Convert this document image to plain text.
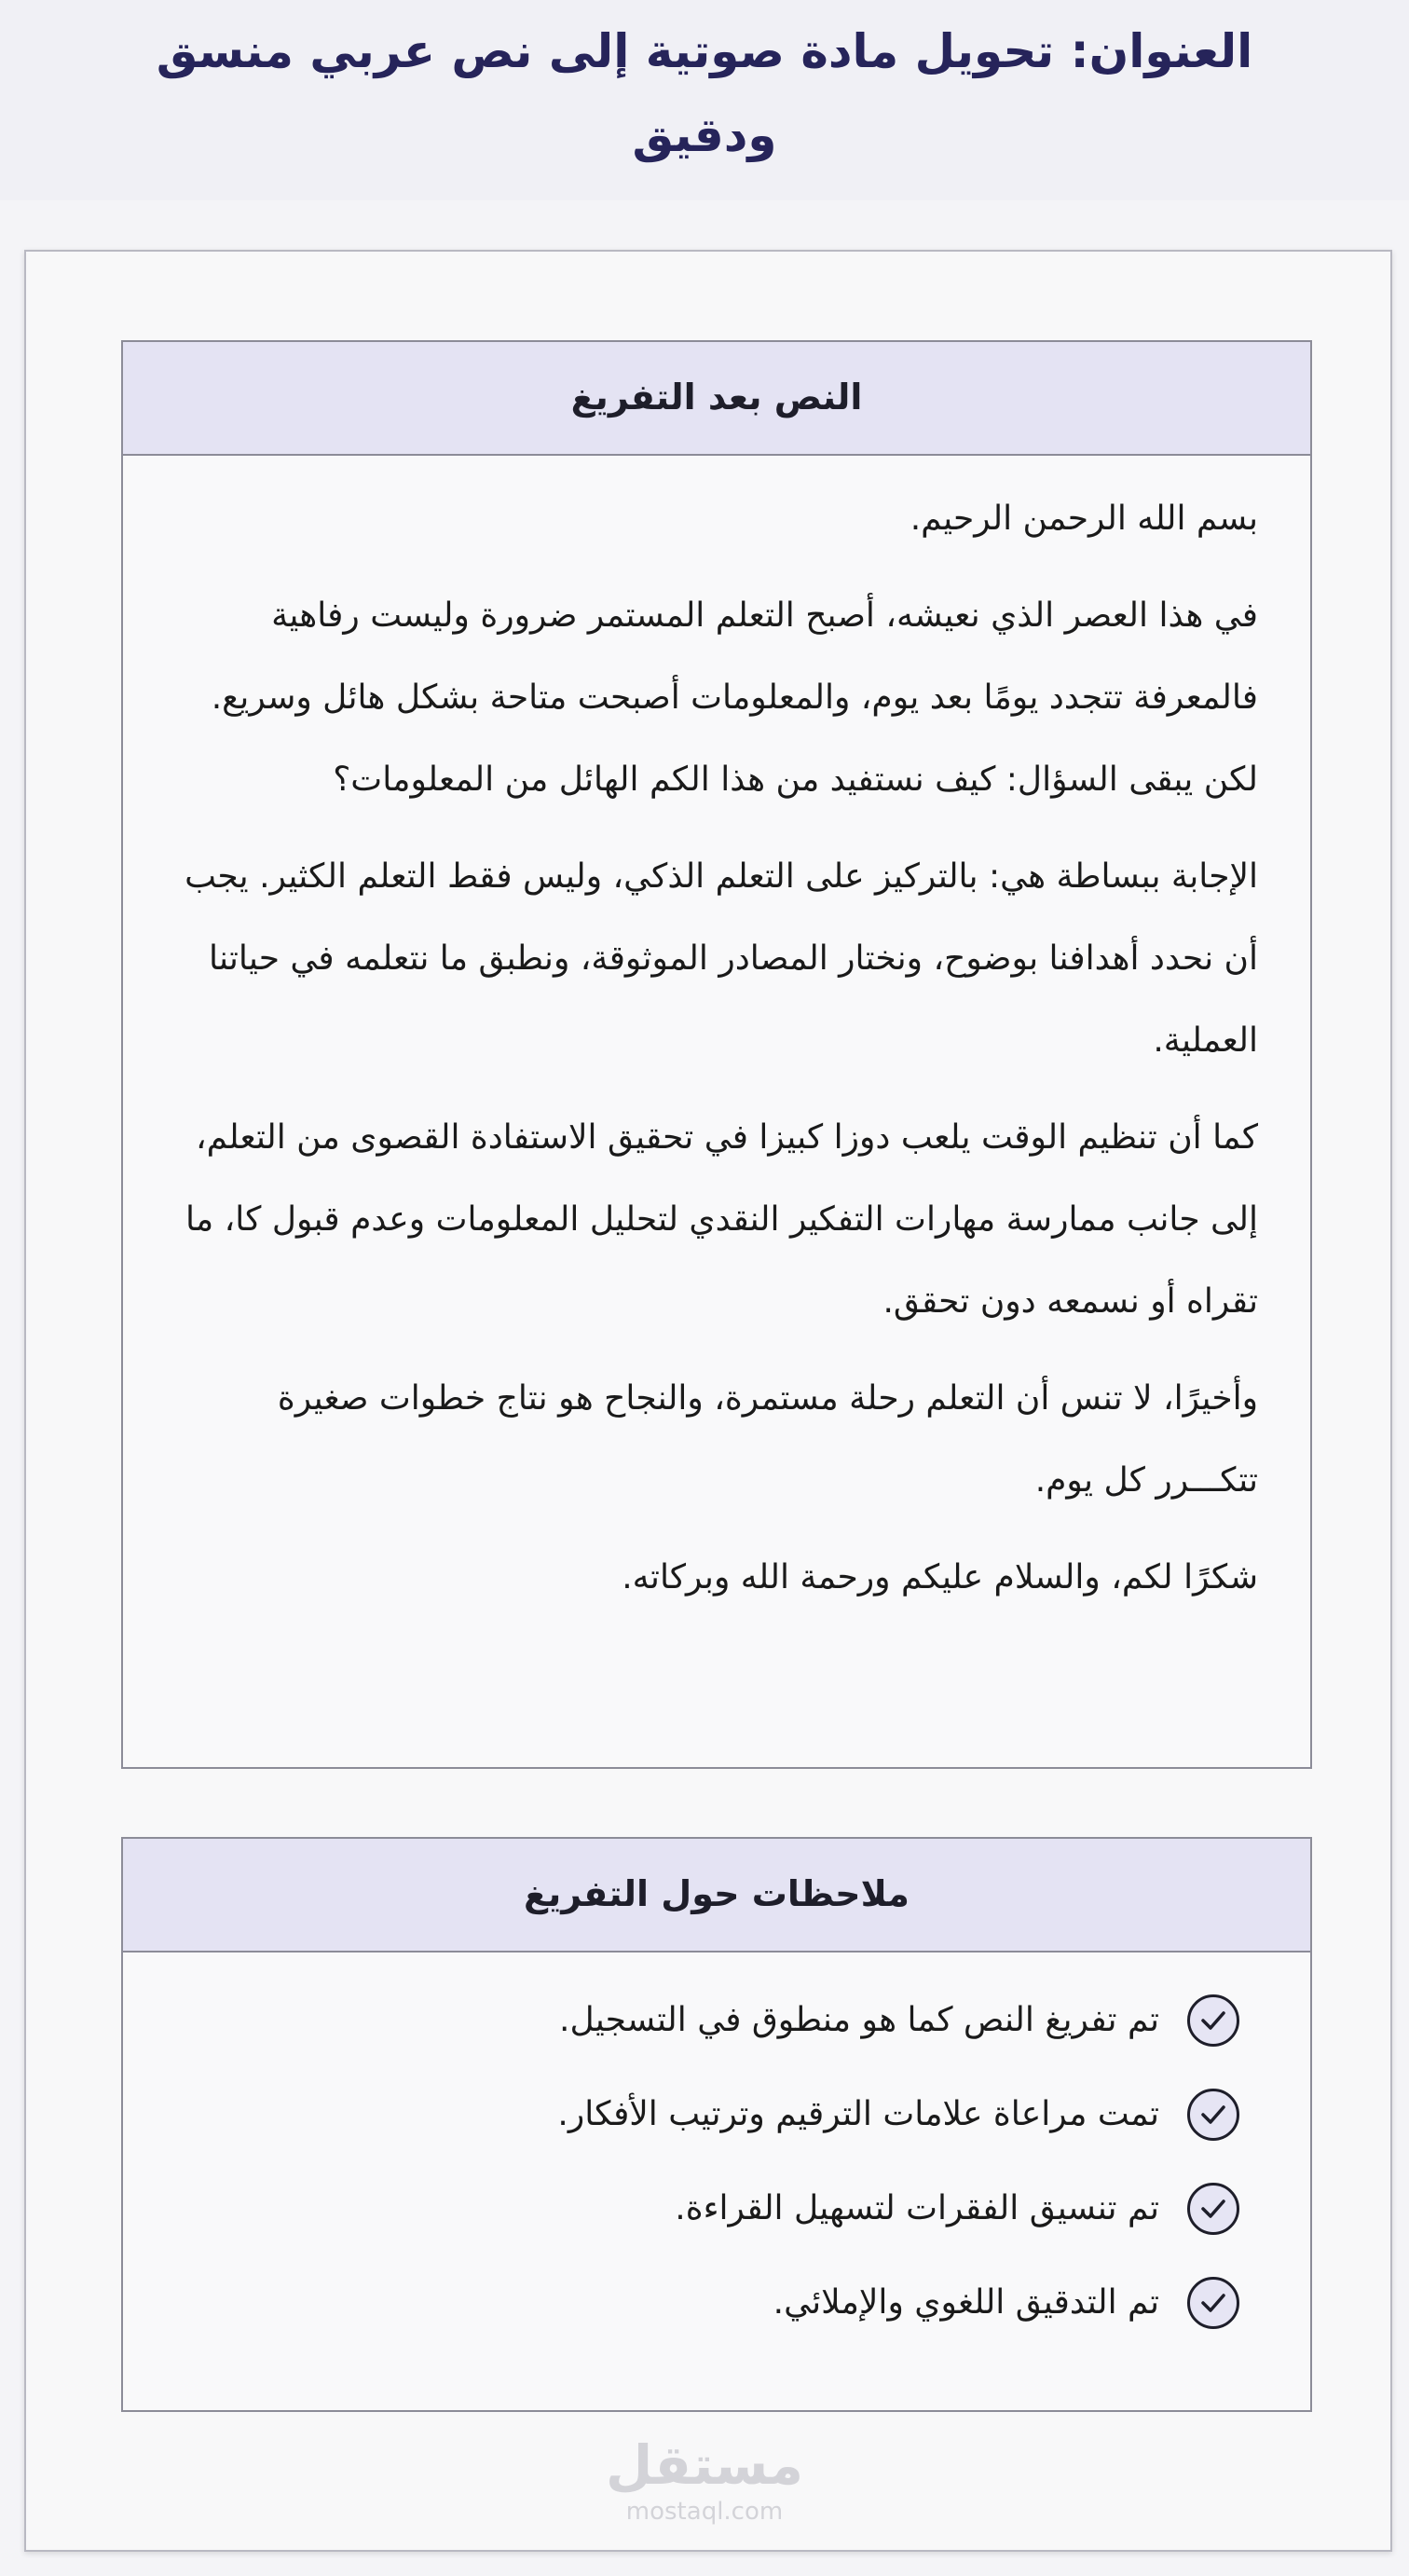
العنوان: تحويل مادة صوتية إلى نص عربي منسق ودقيق
النص بعد التفريغ

بسم الله الرحمن الرحيم.

في هذا العصر الذي نعيشه، أصبح التعلم المستمر ضرورة وليست رفاهية فالمعرفة تتجدد يومًا بعد يوم، والمعلومات أصبحت متاحة بشكل هائل وسريع. لكن يبقى السؤال: كيف نستفيد من هذا الكم الهائل من المعلومات؟

الإجابة ببساطة هي: بالتركيز على التعلم الذكي، وليس فقط التعلم الكثير. يجب أن نحدد أهدافنا بوضوح، ونختار المصادر الموثوقة، ونطبق ما نتعلمه في حياتنا العملية.

كما أن تنظيم الوقت يلعب دوزا كبيزا في تحقيق الاستفادة القصوى من التعلم، إلى جانب ممارسة مهارات التفكير النقدي لتحليل المعلومات وعدم قبول كا، ما تقراه أو نسمعه دون تحقق.

وأخيرًا، لا تنس أن التعلم رحلة مستمرة، والنجاح هو نتاج خطوات صغيرة تتكـــرر كل يوم.

شكرًا لكم، والسلام عليكم ورحمة الله وبركاته.

ملاحظات حول التفريغ
تم تفريغ النص كما هو منطوق في التسجيل.
تمت مراعاة علامات الترقيم وترتيب الأفكار.
تم تنسيق الفقرات لتسهيل القراءة.
تم التدقيق اللغوي والإملائي.
مستقل
mostaql.com
